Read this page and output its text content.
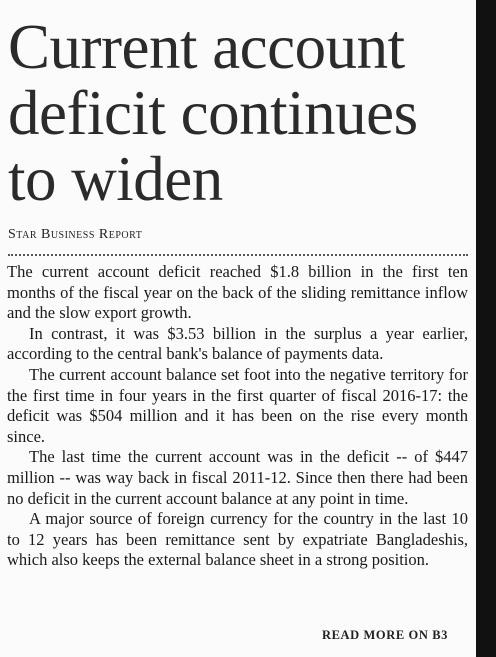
Current account deficit continues to widen
Star Business Report

The current account deficit reached $1.8 billion in the first ten months of the fiscal year on the back of the sliding remittance inflow and the slow export growth.

In contrast, it was $3.53 billion in the surplus a year earlier, according to the central bank's balance of payments data.

The current account balance set foot into the negative territory for the first time in four years in the first quarter of fiscal 2016-17: the deficit was $504 million and it has been on the rise every month since.

The last time the current account was in the deficit -- of $447 million -- was way back in fiscal 2011-12. Since then there had been no deficit in the current account balance at any point in time.

A major source of foreign currency for the country in the last 10 to 12 years has been remittance sent by expatriate Bangladeshis, which also keeps the external balance sheet in a strong position.

READ MORE ON B3
